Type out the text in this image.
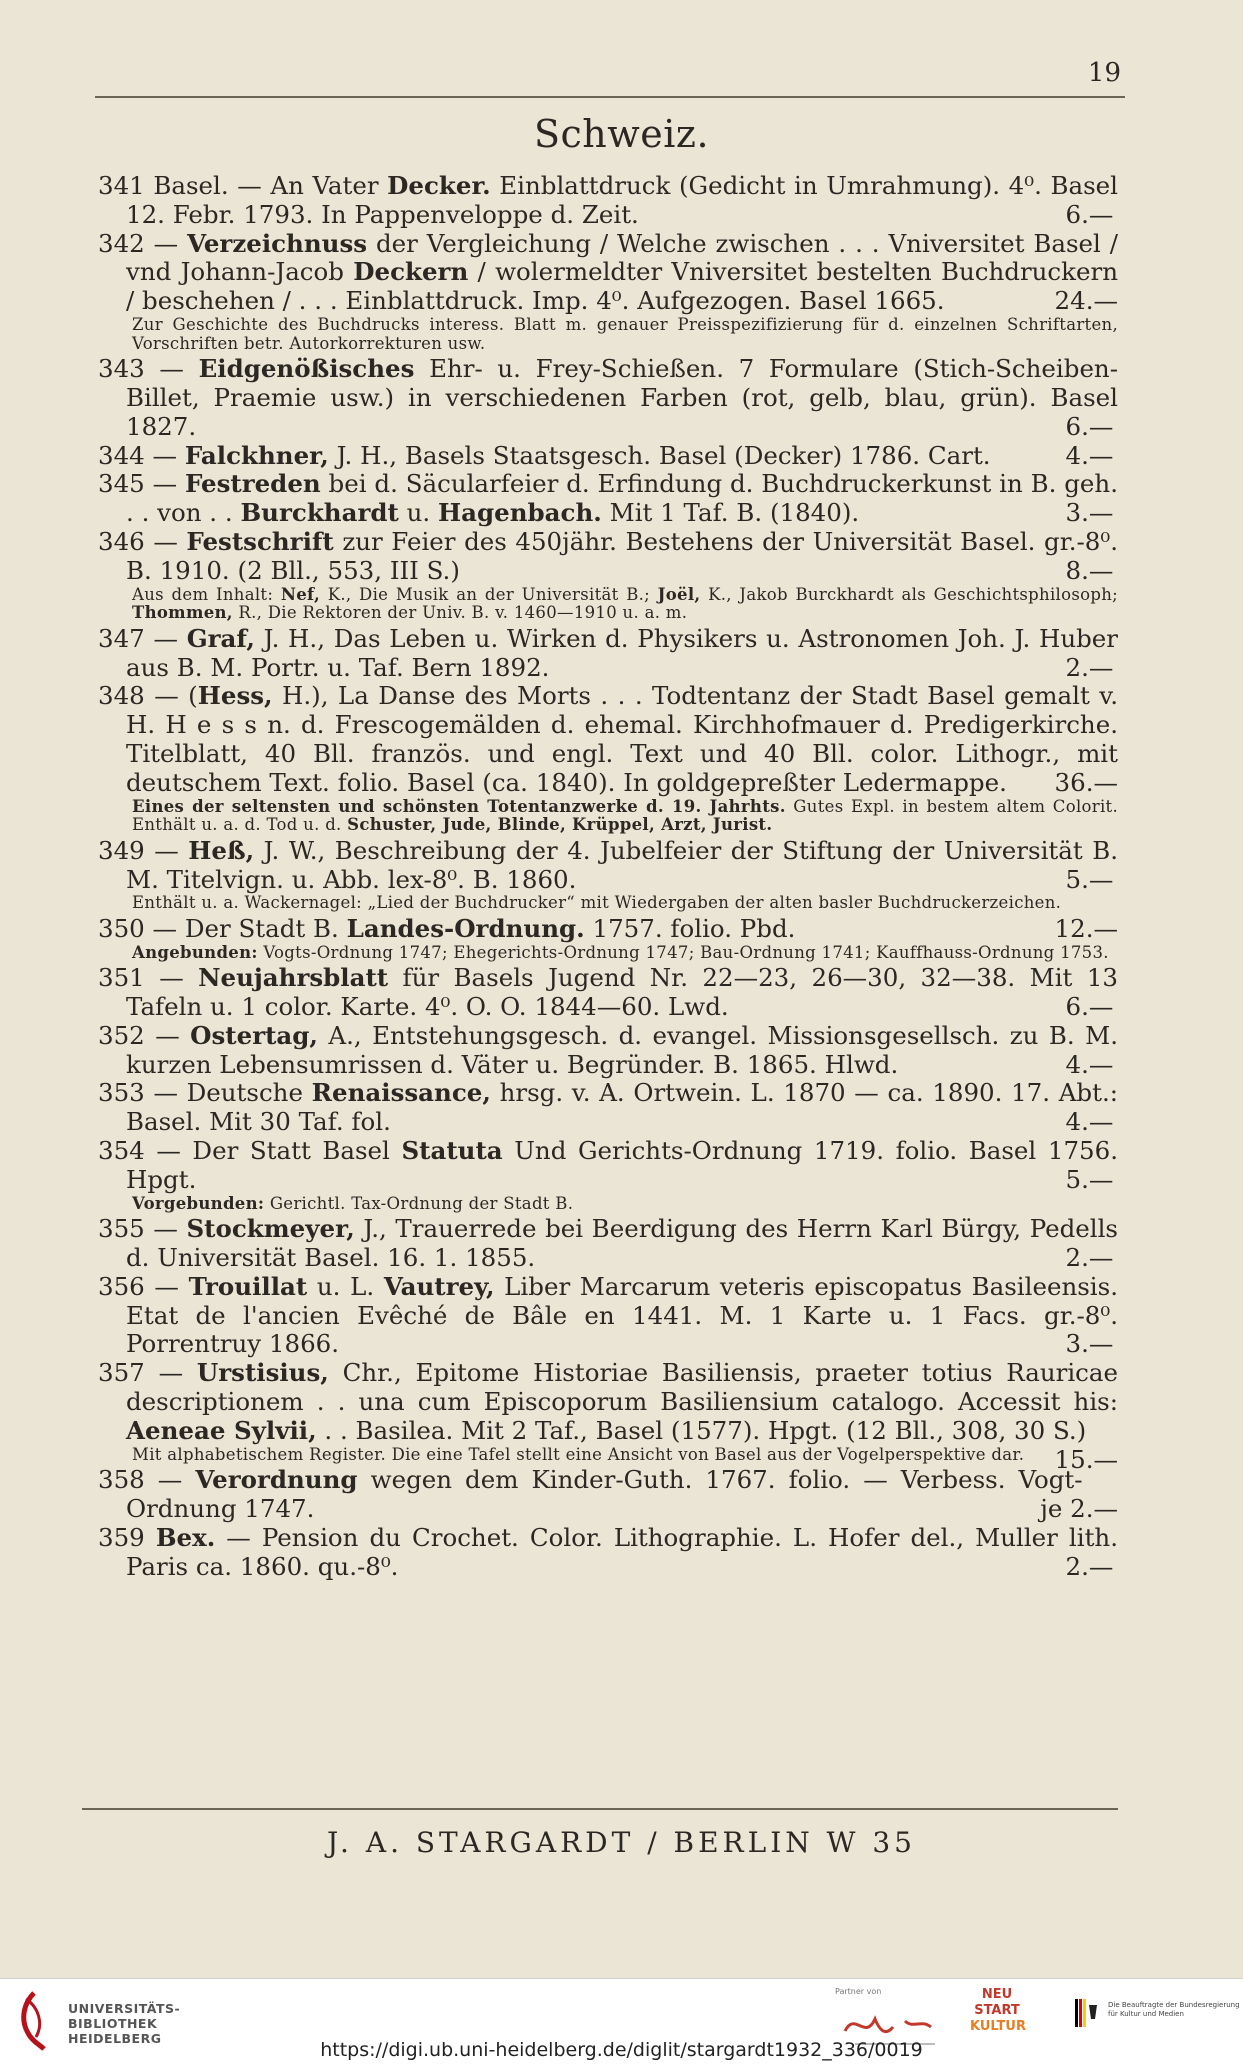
19
Schweiz.

341 Basel. — An Vater Decker. Einblattdruck (Gedicht in Umrahmung). 4⁰. Basel 12. Febr. 1793. In Pappenveloppe d. Zeit.	6.—

342 — Verzeichnuss der Vergleichung / Welche zwischen . . . Vniversitet Basel / vnd Johann-Jacob Deckern / wolermeldter Vniversitet bestelten Buchdruckern / beschehen / . . . Einblattdruck. Imp. 4⁰. Aufgezogen. Basel 1665.	24.—

Zur Geschichte des Buchdrucks interess. Blatt m. genauer Preisspezifizierung für d. einzelnen Schriftarten, Vorschriften betr. Autorkorrekturen usw.

343 — Eidgenößisches Ehr- u. Frey-Schießen. 7 Formulare (Stich-Scheiben-Billet, Praemie usw.) in verschiedenen Farben (rot, gelb, blau, grün). Basel 1827.	6.—

344 — Falckhner, J. H., Basels Staatsgesch. Basel (Decker) 1786. Cart.	4.—

345 — Festreden bei d. Säcularfeier d. Erfindung d. Buchdruckerkunst in B. geh. . . von . . Burckhardt u. Hagenbach. Mit 1 Taf. B. (1840).	3.—

346 — Festschrift zur Feier des 450jähr. Bestehens der Universität Basel. gr.-8⁰. B. 1910. (2 Bll., 553, III S.)	8.—

Aus dem Inhalt: Nef, K., Die Musik an der Universität B.; Joël, K., Jakob Burckhardt als Geschichtsphilosoph; Thommen, R., Die Rektoren der Univ. B. v. 1460—1910 u. a. m.

347 — Graf, J. H., Das Leben u. Wirken d. Physikers u. Astronomen Joh. J. Huber aus B. M. Portr. u. Taf. Bern 1892.	2.—

348 — (Hess, H.), La Danse des Morts . . . Todtentanz der Stadt Basel gemalt v. H. H e s s n. d. Frescogemälden d. ehemal. Kirchhofmauer d. Predigerkirche. Titelblatt, 40 Bll. französ. und engl. Text und 40 Bll. color. Lithogr., mit deutschem Text. folio. Basel (ca. 1840). In goldgepreßter Ledermappe. 36.—

Eines der seltensten und schönsten Totentanzwerke d. 19. Jahrhts. Gutes Expl. in bestem altem Colorit. Enthält u. a. d. Tod u. d. Schuster, Jude, Blinde, Krüppel, Arzt, Jurist.

349 — Heß, J. W., Beschreibung der 4. Jubelfeier der Stiftung der Universität B. M. Titelvign. u. Abb. lex-8⁰. B. 1860.	5.—

Enthält u. a. Wackernagel: „Lied der Buchdrucker“ mit Wiedergaben der alten basler Buchdruckerzeichen.

350 — Der Stadt B. Landes-Ordnung. 1757. folio. Pbd.	12.—

Angebunden: Vogts-Ordnung 1747; Ehegerichts-Ordnung 1747; Bau-Ordnung 1741; Kauffhauss-Ordnung 1753.

351 — Neujahrsblatt für Basels Jugend Nr. 22—23, 26—30, 32—38. Mit 13 Tafeln u. 1 color. Karte. 4⁰. O. O. 1844—60. Lwd.	6.—

352 — Ostertag, A., Entstehungsgesch. d. evangel. Missionsgesellsch. zu B. M. kurzen Lebensumrissen d. Väter u. Begründer. B. 1865. Hlwd.	4.—

353 — Deutsche Renaissance, hrsg. v. A. Ortwein. L. 1870 — ca. 1890. 17. Abt.: Basel. Mit 30 Taf. fol.	4.—

354 — Der Statt Basel Statuta Und Gerichts-Ordnung 1719. folio. Basel 1756. Hpgt.	5.—

Vorgebunden: Gerichtl. Tax-Ordnung der Stadt B.

355 — Stockmeyer, J., Trauerrede bei Beerdigung des Herrn Karl Bürgy, Pedells d. Universität Basel. 16. 1. 1855.	2.—

356 — Trouillat u. L. Vautrey, Liber Marcarum veteris episcopatus Basileensis. Etat de l'ancien Evêché de Bâle en 1441. M. 1 Karte u. 1 Facs. gr.-8⁰. Porrentruy 1866.	3.—

357 — Urstisius, Chr., Epitome Historiae Basiliensis, praeter totius Rauricae descriptionem . . una cum Episcoporum Basiliensium catalogo. Accessit his: Aeneae Sylvii, . . Basilea. Mit 2 Taf., Basel (1577). Hpgt. (12 Bll., 308, 30 S.)
15.—

Mit alphabetischem Register. Die eine Tafel stellt eine Ansicht von Basel aus der Vogelperspektive dar.

358 — Verordnung wegen dem Kinder-Guth. 1767. folio. — Verbess. Vogt-Ordnung 1747.	je 2.—

359 Bex. — Pension du Crochet. Color. Lithographie. L. Hofer del., Muller lith. Paris ca. 1860. qu.-8⁰.	2.—

J. A. STARGARDT / BERLIN W 35
UNIVERSITÄTS-
BIBLIOTHEK
HEIDELBERG
Partner von	NEU
START
KULTUR
Die Beauftragte der Bundesregierung
für Kultur und Medien
https://digi.ub.uni-heidelberg.de/diglit/stargardt1932_336/0019
